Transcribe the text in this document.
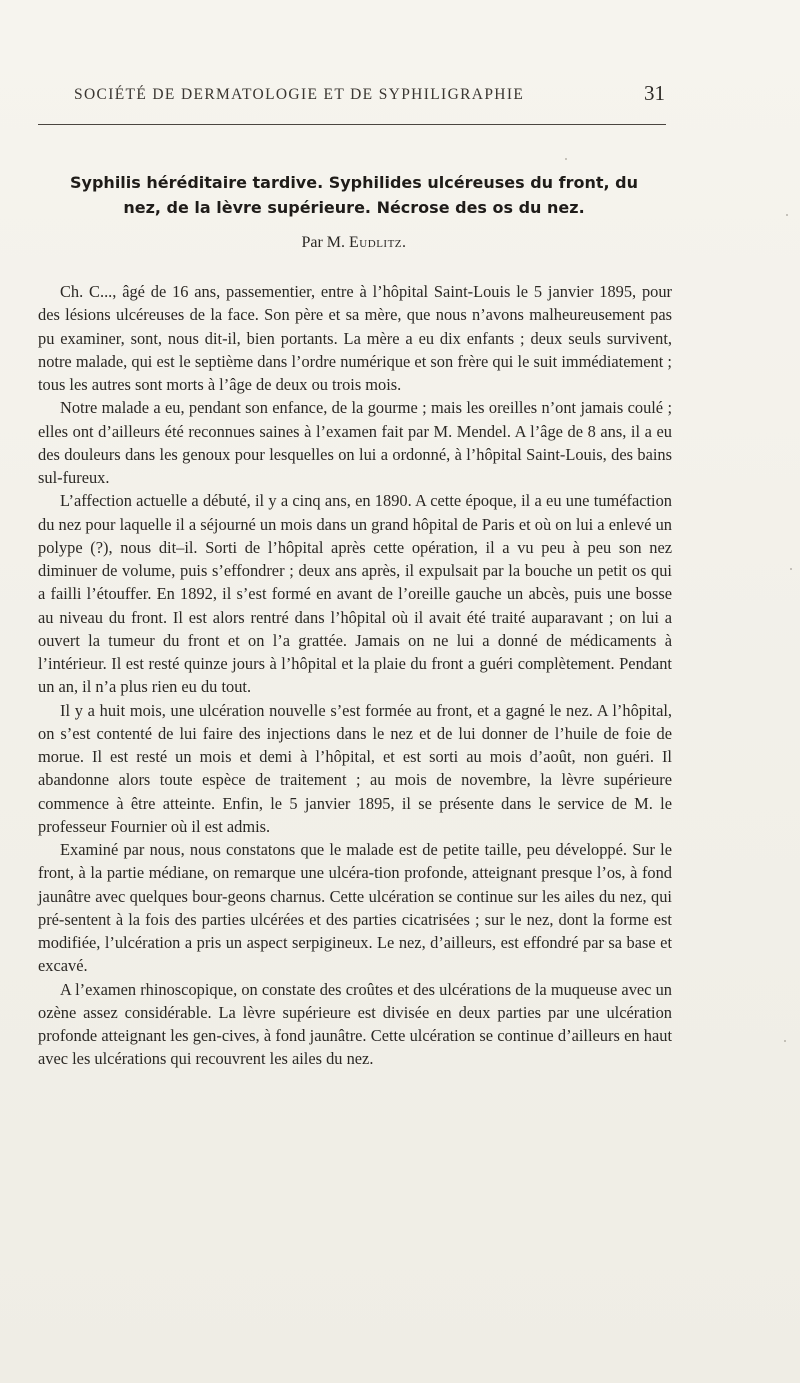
SOCIÉTÉ DE DERMATOLOGIE ET DE SYPHILIGRAPHIE	31
Syphilis héréditaire tardive. Syphilides ulcéreuses du front, du
nez, de la lèvre supérieure. Nécrose des os du nez.
Par M. Eudlitz.

Ch. C..., âgé de 16 ans, passementier, entre à l’hôpital Saint-Louis le 5 janvier 1895, pour des lésions ulcéreuses de la face. Son père et sa mère, que nous n’avons malheureusement pas pu examiner, sont, nous dit-il, bien portants. La mère a eu dix enfants ; deux seuls survivent, notre malade, qui est le septième dans l’ordre numérique et son frère qui le suit immédiatement ; tous les autres sont morts à l’âge de deux ou trois mois.

Notre malade a eu, pendant son enfance, de la gourme ; mais les oreilles n’ont jamais coulé ; elles ont d’ailleurs été reconnues saines à l’examen fait par M. Mendel. A l’âge de 8 ans, il a eu des douleurs dans les genoux pour lesquelles on lui a ordonné, à l’hôpital Saint-Louis, des bains sul-fureux.

L’affection actuelle a débuté, il y a cinq ans, en 1890. A cette époque, il a eu une tuméfaction du nez pour laquelle il a séjourné un mois dans un grand hôpital de Paris et où on lui a enlevé un polype (?), nous dit–il. Sorti de l’hôpital après cette opération, il a vu peu à peu son nez diminuer de volume, puis s’effondrer ; deux ans après, il expulsait par la bouche un petit os qui a failli l’étouffer. En 1892, il s’est formé en avant de l’oreille gauche un abcès, puis une bosse au niveau du front. Il est alors rentré dans l’hôpital où il avait été traité auparavant ; on lui a ouvert la tumeur du front et on l’a grattée. Jamais on ne lui a donné de médicaments à l’intérieur. Il est resté quinze jours à l’hôpital et la plaie du front a guéri complètement. Pendant un an, il n’a plus rien eu du tout.

Il y a huit mois, une ulcération nouvelle s’est formée au front, et a gagné le nez. A l’hôpital, on s’est contenté de lui faire des injections dans le nez et de lui donner de l’huile de foie de morue. Il est resté un mois et demi à l’hôpital, et est sorti au mois d’août, non guéri. Il abandonne alors toute espèce de traitement ; au mois de novembre, la lèvre supérieure commence à être atteinte. Enfin, le 5 janvier 1895, il se présente dans le service de M. le professeur Fournier où il est admis.

Examiné par nous, nous constatons que le malade est de petite taille, peu développé. Sur le front, à la partie médiane, on remarque une ulcéra-tion profonde, atteignant presque l’os, à fond jaunâtre avec quelques bour-geons charnus. Cette ulcération se continue sur les ailes du nez, qui pré-sentent à la fois des parties ulcérées et des parties cicatrisées ; sur le nez, dont la forme est modifiée, l’ulcération a pris un aspect serpigineux. Le nez, d’ailleurs, est effondré par sa base et excavé.

A l’examen rhinoscopique, on constate des croûtes et des ulcérations de la muqueuse avec un ozène assez considérable. La lèvre supérieure est divisée en deux parties par une ulcération profonde atteignant les gen-cives, à fond jaunâtre. Cette ulcération se continue d’ailleurs en haut avec les ulcérations qui recouvrent les ailes du nez.
